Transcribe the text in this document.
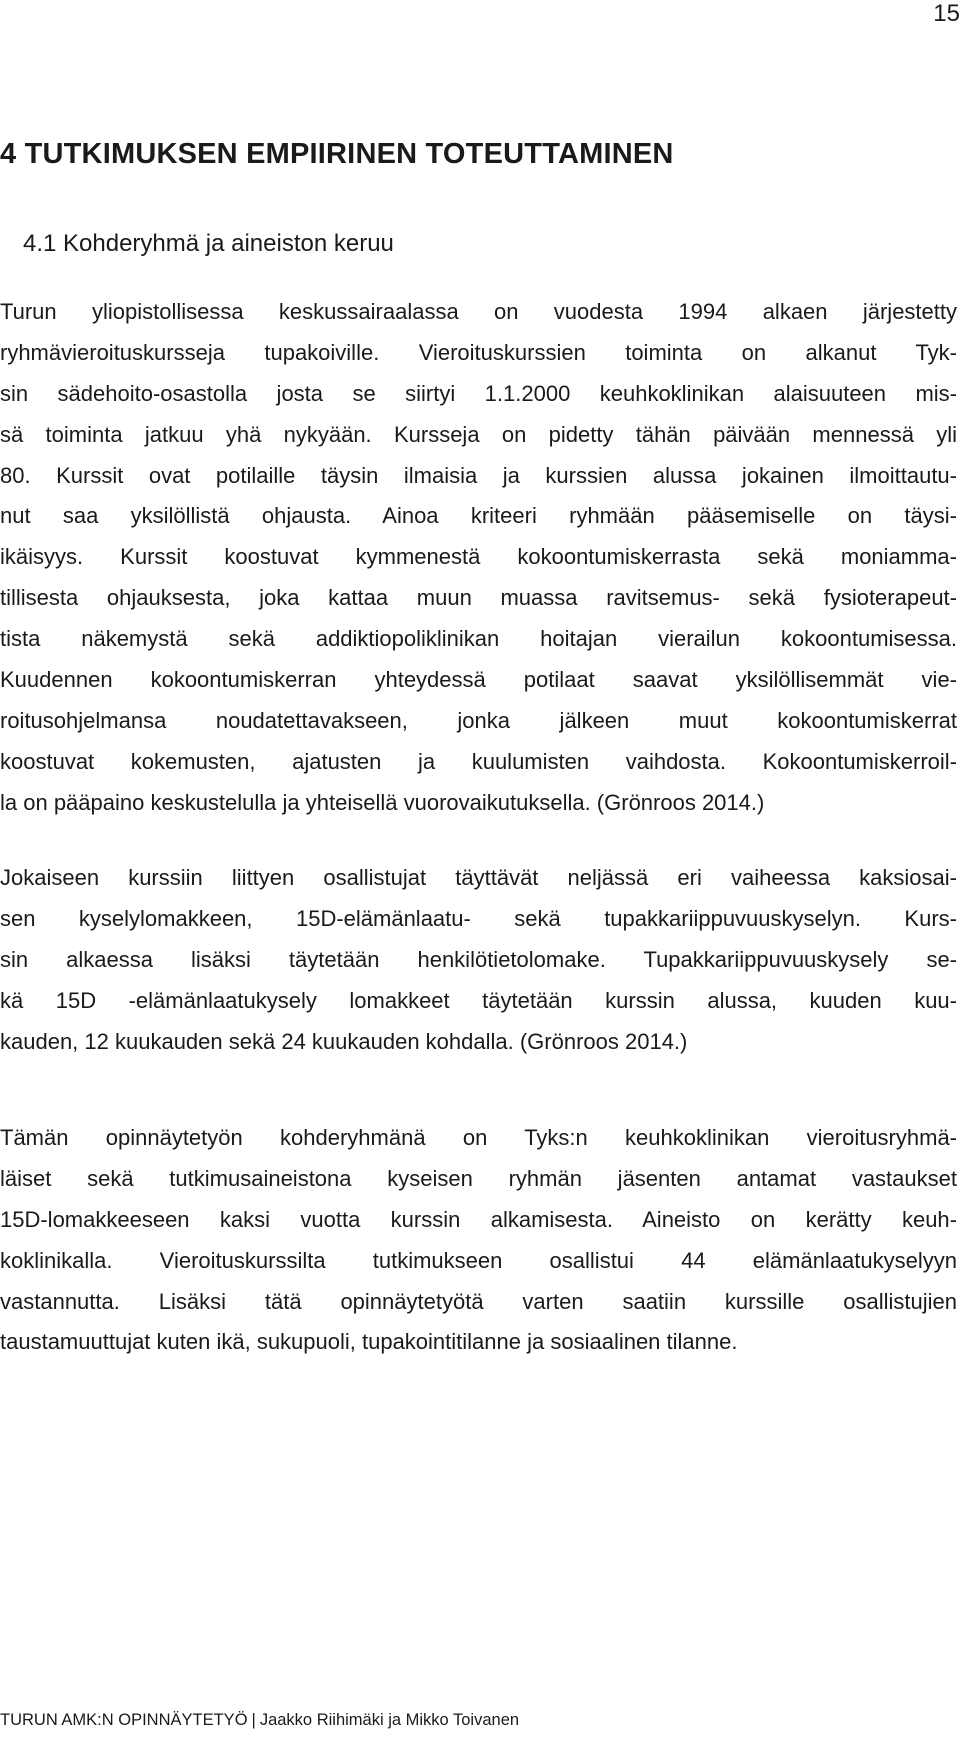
15
4 TUTKIMUKSEN EMPIIRINEN TOTEUTTAMINEN
4.1 Kohderyhmä ja aineiston keruu

Turun yliopistollisessa keskussairaalassa on vuodesta 1994 alkaen järjestetty
ryhmävieroituskursseja tupakoiville. Vieroituskurssien toiminta on alkanut Tyk-
sin sädehoito-osastolla josta se siirtyi 1.1.2000 keuhkoklinikan alaisuuteen mis-
sä toiminta jatkuu yhä nykyään. Kursseja on pidetty tähän päivään mennessä yli
80. Kurssit ovat potilaille täysin ilmaisia ja kurssien alussa jokainen ilmoittautu-
nut saa yksilöllistä ohjausta. Ainoa kriteeri ryhmään pääsemiselle on täysi-
ikäisyys. Kurssit koostuvat kymmenestä kokoontumiskerrasta sekä moniamma-
tillisesta ohjauksesta, joka kattaa muun muassa ravitsemus- sekä fysioterapeut-
tista näkemystä sekä addiktiopoliklinikan hoitajan vierailun kokoontumisessa.
Kuudennen kokoontumiskerran yhteydessä potilaat saavat yksilöllisemmät vie-
roitusohjelmansa noudatettavakseen, jonka jälkeen muut kokoontumiskerrat
koostuvat kokemusten, ajatusten ja kuulumisten vaihdosta. Kokoontumiskerroil-
la on pääpaino keskustelulla ja yhteisellä vuorovaikutuksella. (Grönroos 2014.)

Jokaiseen kurssiin liittyen osallistujat täyttävät neljässä eri vaiheessa kaksiosai-
sen kyselylomakkeen, 15D-elämänlaatu- sekä tupakkariippuvuuskyselyn. Kurs-
sin alkaessa lisäksi täytetään henkilötietolomake. Tupakkariippuvuuskysely se-
kä 15D -elämänlaatukysely lomakkeet täytetään kurssin alussa, kuuden kuu-
kauden, 12 kuukauden sekä 24 kuukauden kohdalla. (Grönroos 2014.)

Tämän opinnäytetyön kohderyhmänä on Tyks:n keuhkoklinikan vieroitusryhmä-
läiset sekä tutkimusaineistona kyseisen ryhmän jäsenten antamat vastaukset
15D-lomakkeeseen kaksi vuotta kurssin alkamisesta. Aineisto on kerätty keuh-
koklinikalla. Vieroituskurssilta tutkimukseen osallistui 44 elämänlaatukyselyyn
vastannutta. Lisäksi tätä opinnäytetyötä varten saatiin kurssille osallistujien
taustamuuttujat kuten ikä, sukupuoli, tupakointitilanne ja sosiaalinen tilanne.

TURUN AMK:N OPINNÄYTETYÖ | Jaakko Riihimäki ja Mikko Toivanen
